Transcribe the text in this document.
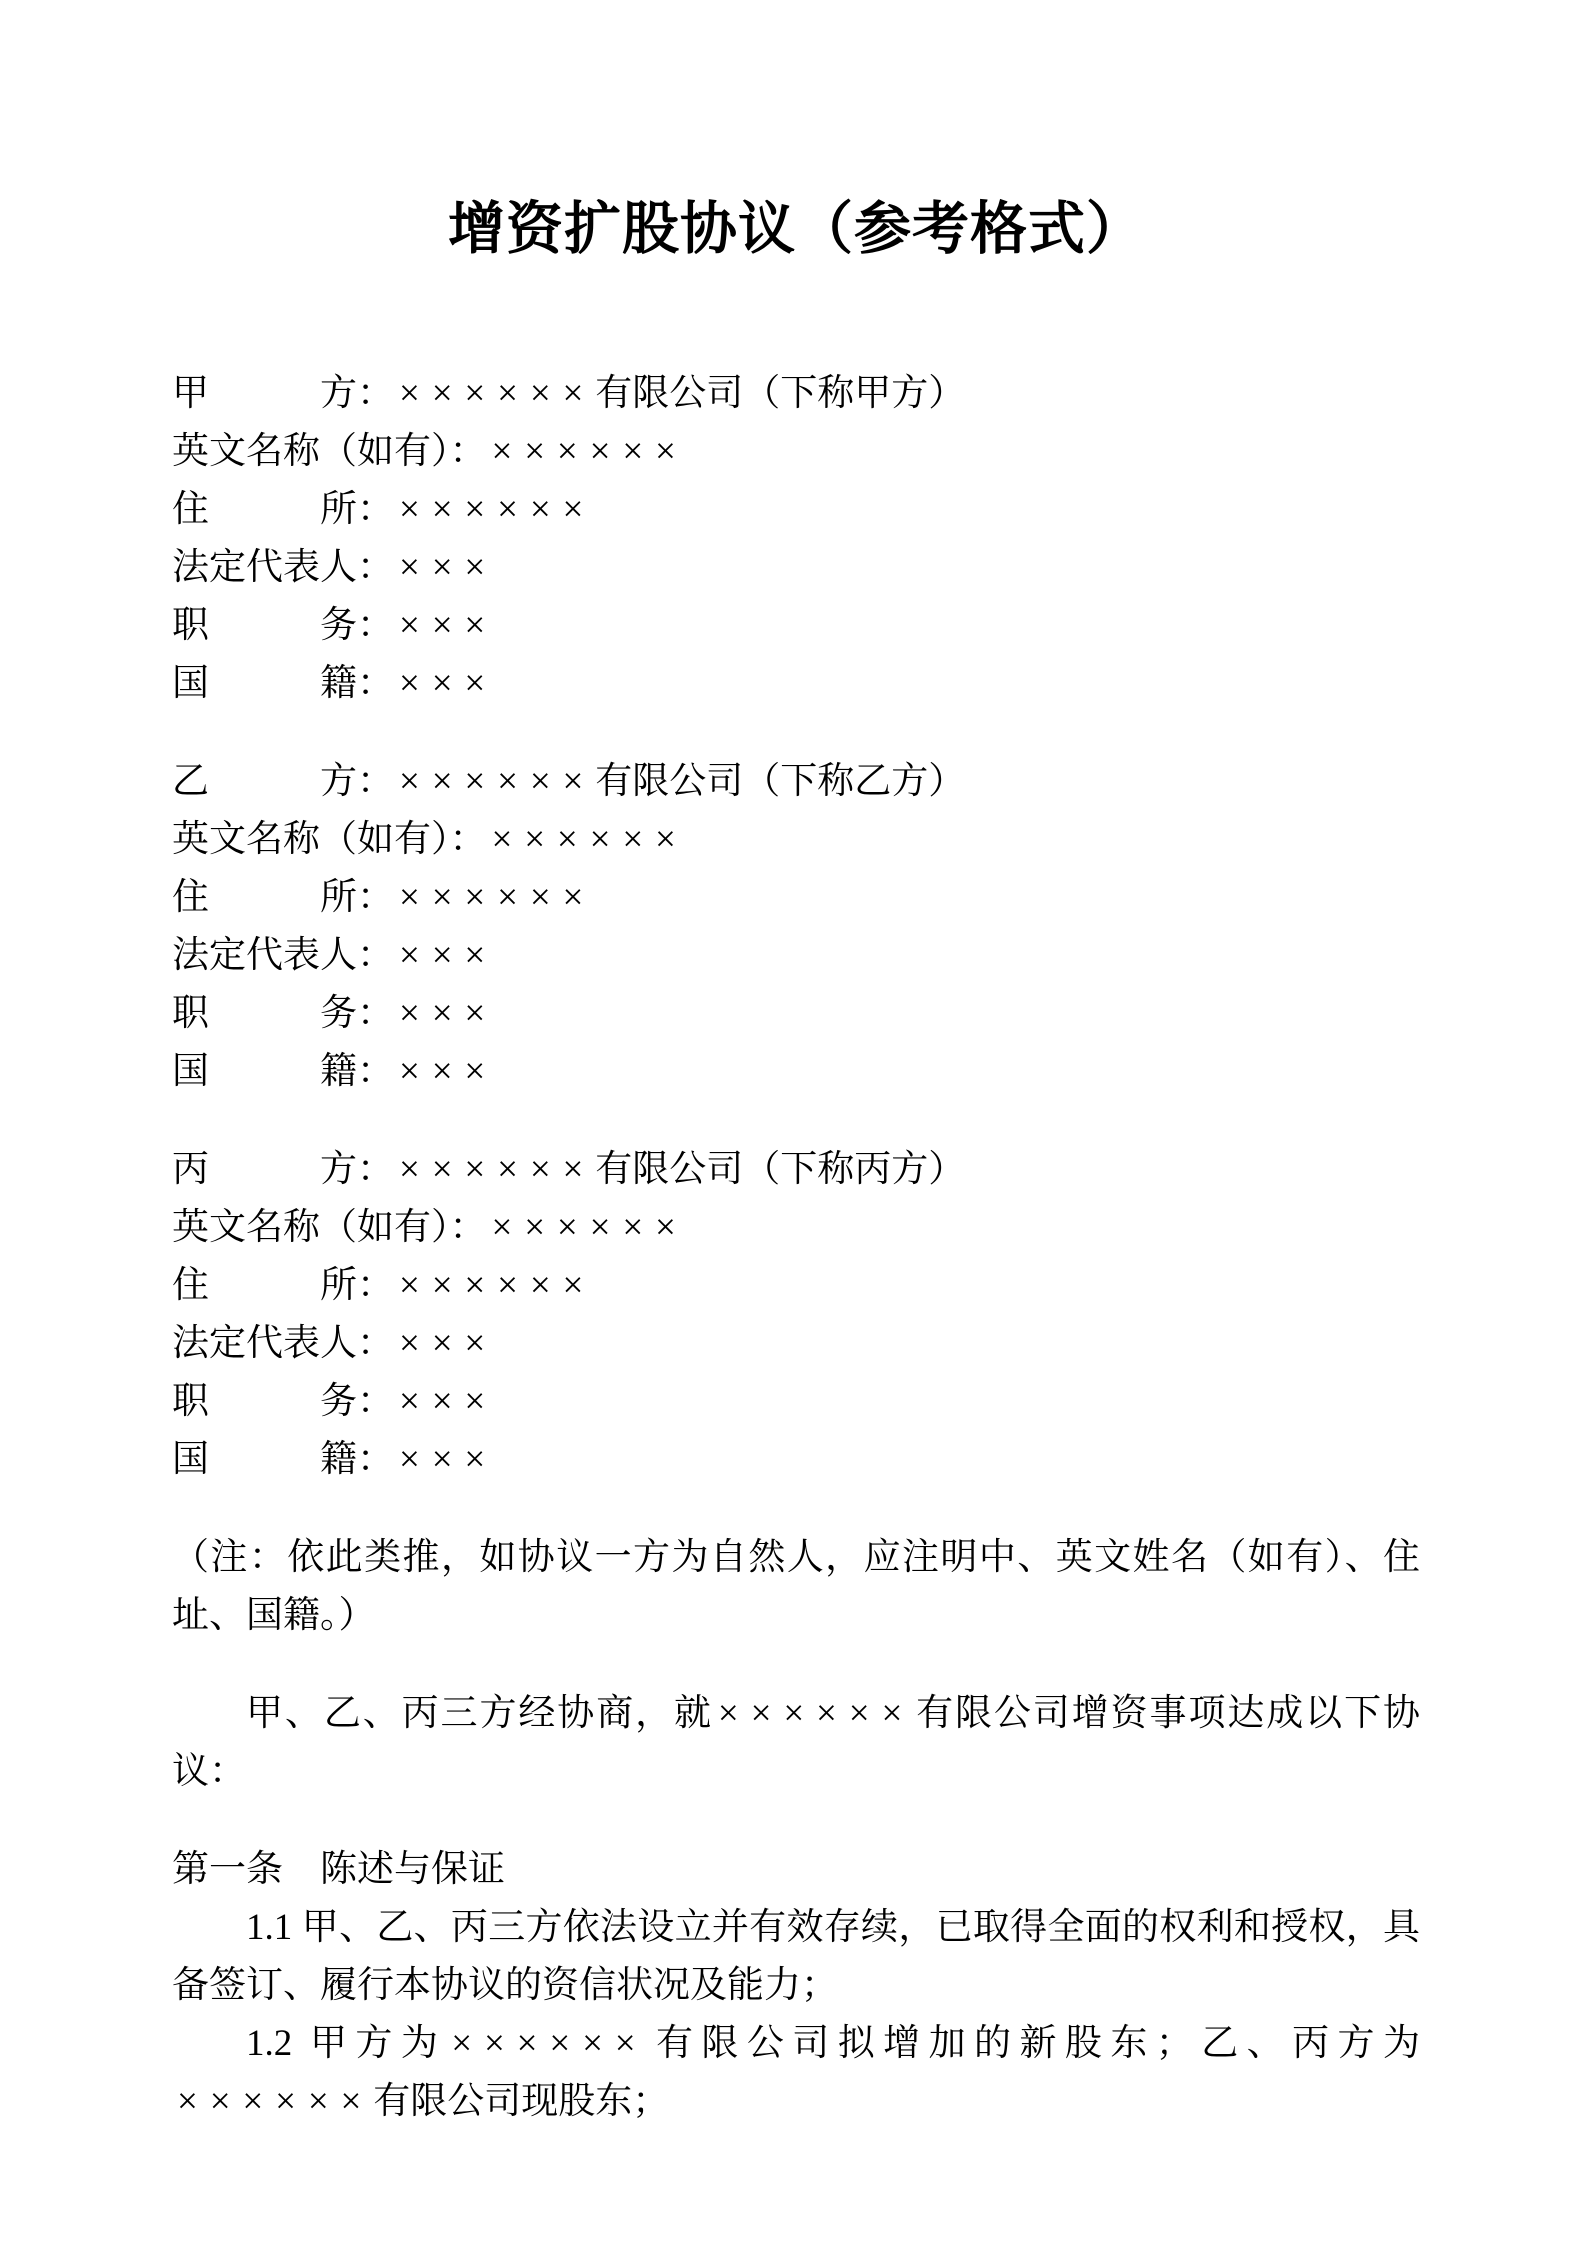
增资扩股协议（参考格式）

甲　　　方： ××××××有限公司（下称甲方）

英文名称（如有）： ××××××

住　　　所： ××××××

法定代表人： ×××

职　　　务： ×××

国　　　籍： ×××

乙　　　方： ××××××有限公司（下称乙方）

英文名称（如有）： ××××××

住　　　所： ××××××

法定代表人： ×××

职　　　务： ×××

国　　　籍： ×××

丙　　　方： ××××××有限公司（下称丙方）

英文名称（如有）： ××××××

住　　　所： ××××××

法定代表人： ×××

职　　　务： ×××

国　　　籍： ×××

（注：依此类推，如协议一方为自然人，应注明中、英文姓名（如有）、住址、国籍。）

甲、乙、丙三方经协商，就 ××××××有限公司增资事项达成以下协议：

第一条　陈述与保证

1.1 甲、乙、丙三方依法设立并有效存续，已取得全面的权利和授权，具备签订、履行本协议的资信状况及能力；

1.2 甲方为 ××××××有限公司拟增加的新股东；乙、丙方为××××××有限公司现股东；
